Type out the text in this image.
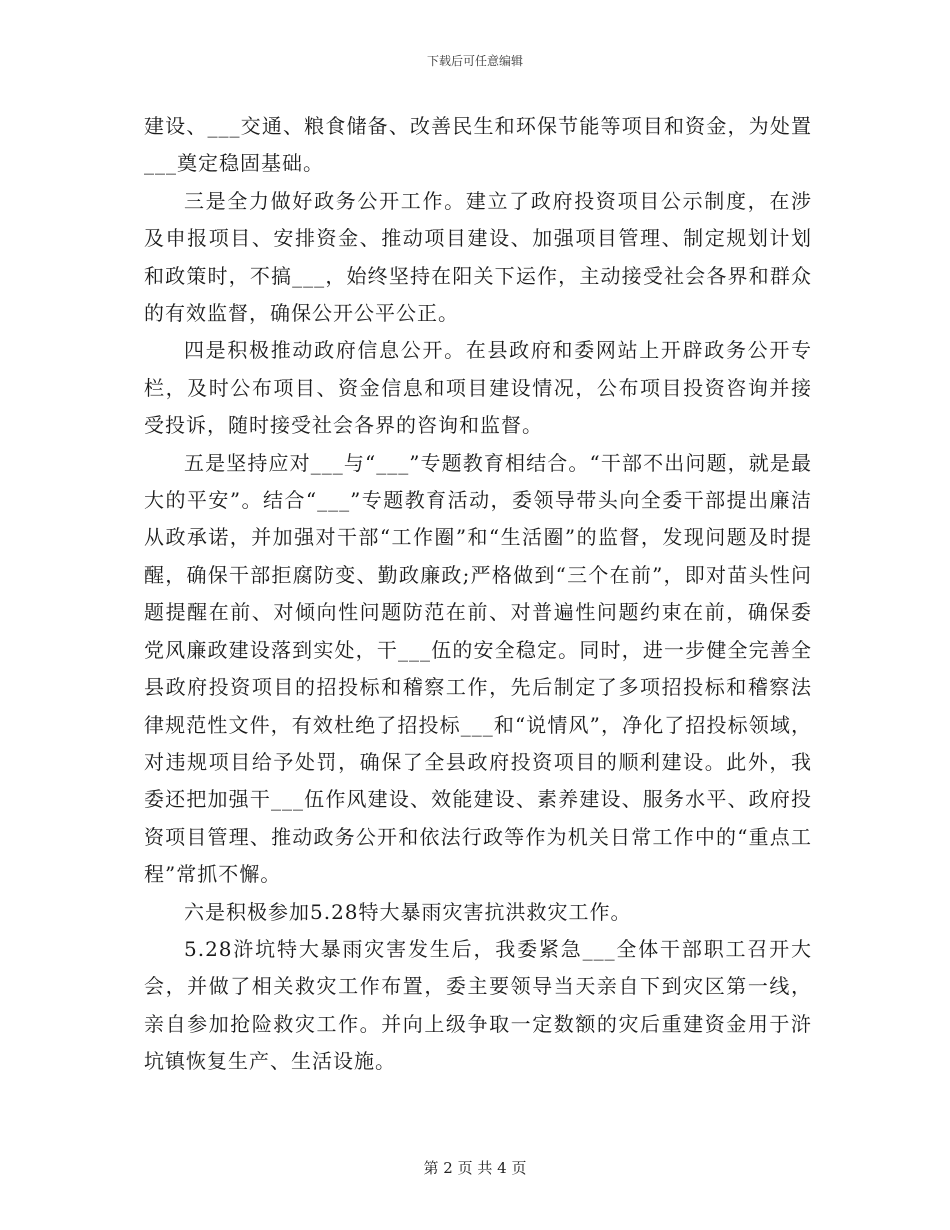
下载后可任意编辑

建设、___交通、粮食储备、改善民生和环保节能等项目和资金，为处置___奠定稳固基础。

三是全力做好政务公开工作。建立了政府投资项目公示制度，在涉及申报项目、安排资金、推动项目建设、加强项目管理、制定规划计划和政策时，不搞___，始终坚持在阳关下运作，主动接受社会各界和群众的有效监督，确保公开公平公正。

四是积极推动政府信息公开。在县政府和委网站上开辟政务公开专栏，及时公布项目、资金信息和项目建设情况，公布项目投资咨询并接受投诉，随时接受社会各界的咨询和监督。

五是坚持应对___与“___”专题教育相结合。“干部不出问题，就是最大的平安”。结合“___”专题教育活动，委领导带头向全委干部提出廉洁从政承诺，并加强对干部“工作圈”和“生活圈”的监督，发现问题及时提醒，确保干部拒腐防变、勤政廉政;严格做到“三个在前”，即对苗头性问题提醒在前、对倾向性问题防范在前、对普遍性问题约束在前，确保委党风廉政建设落到实处，干___伍的安全稳定。同时，进一步健全完善全县政府投资项目的招投标和稽察工作，先后制定了多项招投标和稽察法律规范性文件，有效杜绝了招投标___和“说情风”，净化了招投标领域，对违规项目给予处罚，确保了全县政府投资项目的顺利建设。此外，我委还把加强干___伍作风建设、效能建设、素养建设、服务水平、政府投资项目管理、推动政务公开和依法行政等作为机关日常工作中的“重点工程”常抓不懈。

六是积极参加5.28特大暴雨灾害抗洪救灾工作。

5.28浒坑特大暴雨灾害发生后，我委紧急___全体干部职工召开大会，并做了相关救灾工作布置，委主要领导当天亲自下到灾区第一线，亲自参加抢险救灾工作。并向上级争取一定数额的灾后重建资金用于浒坑镇恢复生产、生活设施。

第 2 页 共 4 页
